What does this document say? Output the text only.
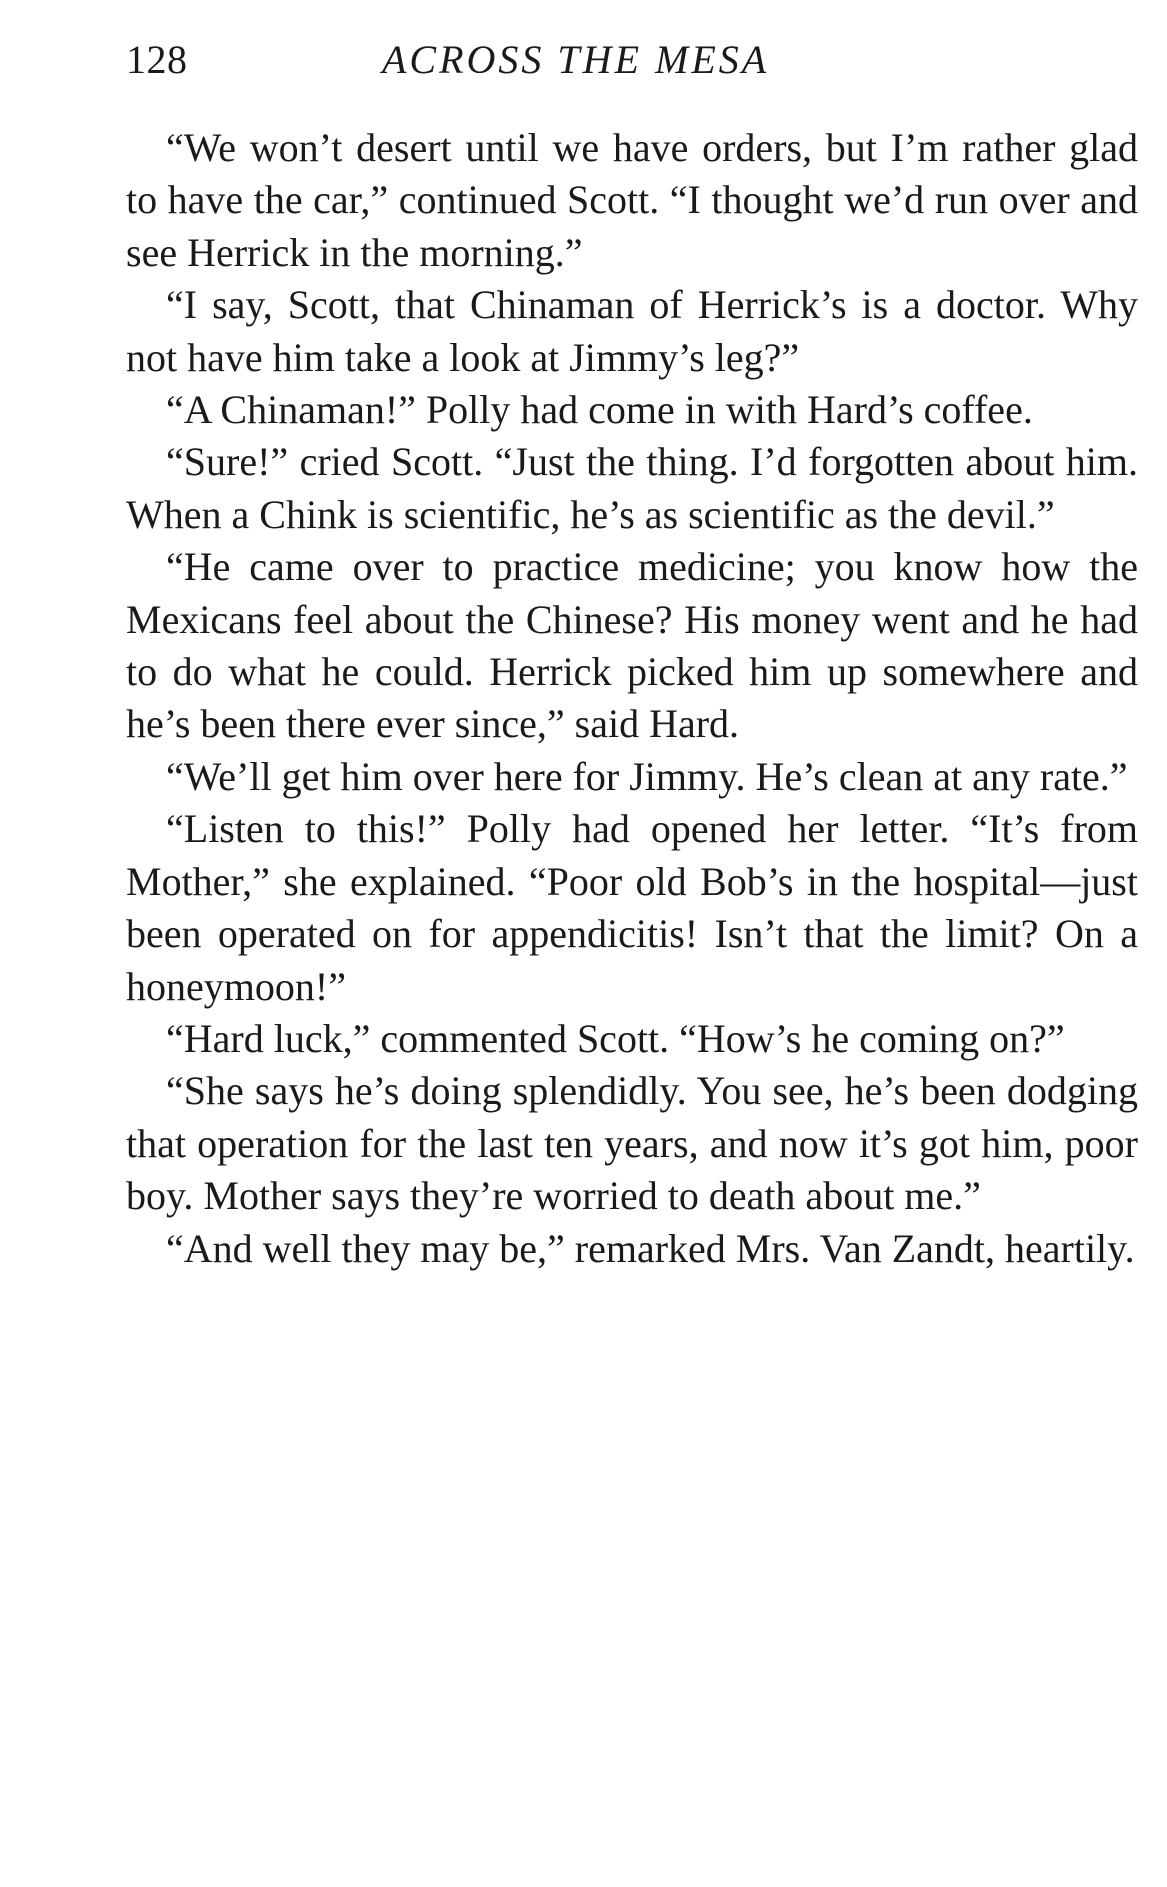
128	ACROSS THE MESA

“We won’t desert until we have orders, but I’m rather glad to have the car,” continued Scott. “I thought we’d run over and see Herrick in the morning.”

“I say, Scott, that Chinaman of Herrick’s is a doctor. Why not have him take a look at Jimmy’s leg?”

“A Chinaman!” Polly had come in with Hard’s coffee.

“Sure!” cried Scott. “Just the thing. I’d forgotten about him. When a Chink is scientific, he’s as scientific as the devil.”

“He came over to practice medicine; you know how the Mexicans feel about the Chinese? His money went and he had to do what he could. Herrick picked him up somewhere and he’s been there ever since,” said Hard.

“We’ll get him over here for Jimmy. He’s clean at any rate.”

“Listen to this!” Polly had opened her letter. “It’s from Mother,” she explained. “Poor old Bob’s in the hospital—just been operated on for appendicitis! Isn’t that the limit? On a honeymoon!”

“Hard luck,” commented Scott. “How’s he coming on?”

“She says he’s doing splendidly. You see, he’s been dodging that operation for the last ten years, and now it’s got him, poor boy. Mother says they’re worried to death about me.”

“And well they may be,” remarked Mrs. Van Zandt, heartily.
